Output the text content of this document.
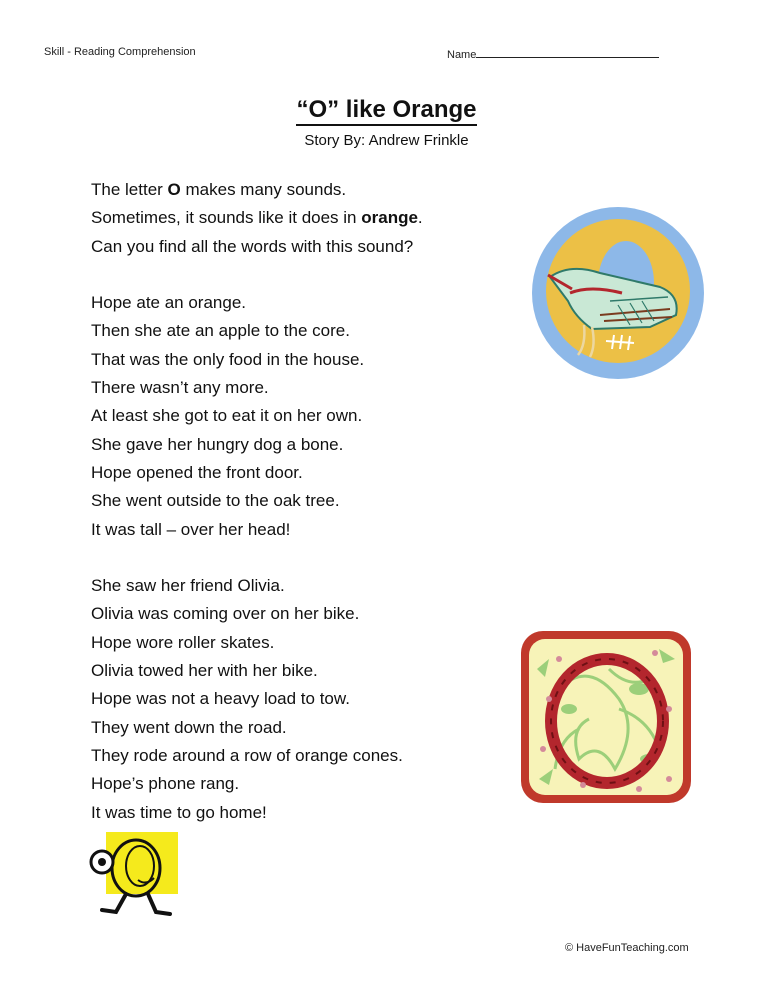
Skill - Reading Comprehension	Name
“O” like Orange
Story By: Andrew Frinkle
The letter O makes many sounds.
Sometimes, it sounds like it does in orange.
Can you find all the words with this sound?
Hope ate an orange.
Then she ate an apple to the core.
That was the only food in the house.
There wasn’t any more.
At least she got to eat it on her own.
She gave her hungry dog a bone.
Hope opened the front door.
She went outside to the oak tree.
It was tall – over her head!
She saw her friend Olivia.
Olivia was coming over on her bike.
Hope wore roller skates.
Olivia towed her with her bike.
Hope was not a heavy load to tow.
They went down the road.
They rode around a row of orange cones.
Hope’s phone rang.
It was time to go home!
© HaveFunTeaching.com
